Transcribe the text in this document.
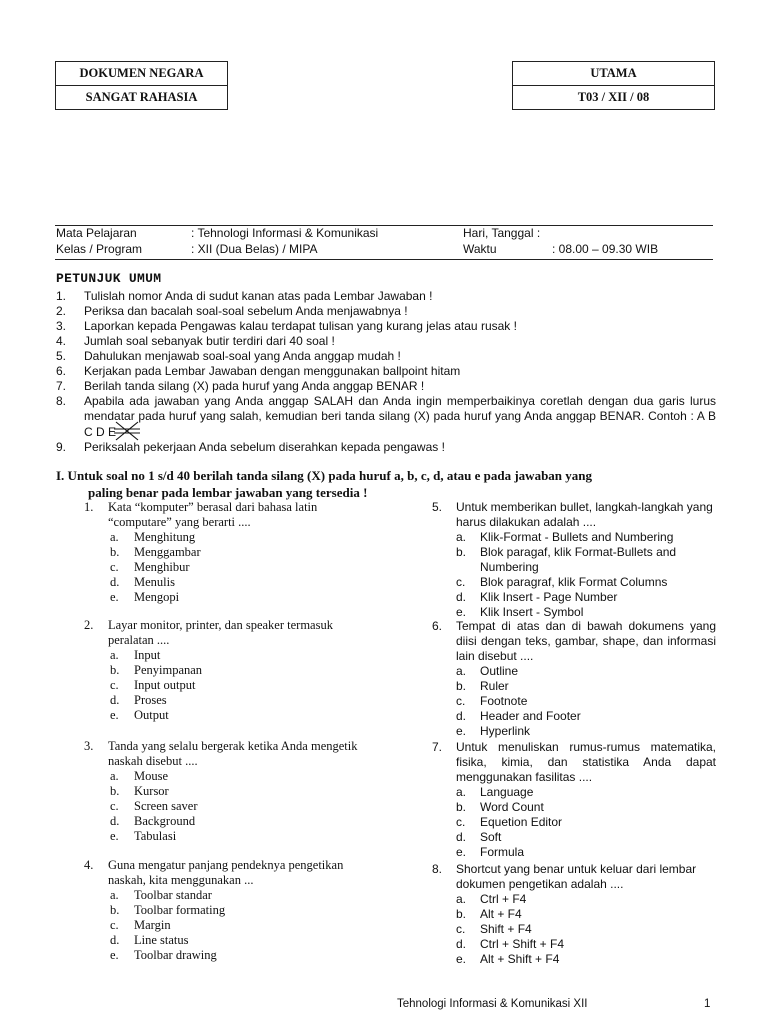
DOKUMEN NEGARA
SANGAT RAHASIA
UTAMA
T03 / XII / 08
Mata Pelajaran	: Tehnologi Informasi & Komunikasi	Hari, Tanggal :
Kelas / Program	: XII (Dua Belas) / MIPA	Waktu	: 08.00 – 09.30 WIB
PETUNJUK UMUM
1.	Tulislah nomor Anda di sudut kanan atas pada Lembar Jawaban !
2.	Periksa dan bacalah soal-soal sebelum Anda menjawabnya !
3.	Laporkan kepada Pengawas kalau terdapat tulisan yang kurang jelas atau rusak !
4.	Jumlah soal sebanyak butir terdiri dari 40 soal !
5.	Dahulukan menjawab soal-soal yang Anda anggap mudah !
6.	Kerjakan pada Lembar Jawaban dengan menggunakan ballpoint hitam
7.	Berilah tanda silang (X) pada huruf yang Anda anggap BENAR !
8.	Apabila ada jawaban yang Anda anggap SALAH dan Anda ingin memperbaikinya coretlah dengan dua garis lurus mendatar pada huruf yang salah, kemudian beri tanda silang (X) pada huruf yang Anda anggap BENAR. Contoh : A B C D E
9.	Periksalah pekerjaan Anda sebelum diserahkan kepada pengawas !
I. Untuk soal no 1 s/d 40 berilah tanda silang (X) pada huruf a, b, c, d, atau e pada jawaban yang
paling benar pada lembar jawaban yang tersedia !
1.	Kata “komputer” berasal dari bahasa latin “computare” yang berarti ....
a.	Menghitung
b.	Menggambar
c.	Menghibur
d.	Menulis
e.	Mengopi
2.	Layar monitor, printer, dan speaker termasuk peralatan ....
a.	Input
b.	Penyimpanan
c.	Input output
d.	Proses
e.	Output
3.	Tanda yang selalu bergerak ketika Anda mengetik naskah disebut ....
a.	Mouse
b.	Kursor
c.	Screen saver
d.	Background
e.	Tabulasi
4.	Guna mengatur panjang pendeknya pengetikan naskah, kita menggunakan ...
a.	Toolbar standar
b.	Toolbar formating
c.	Margin
d.	Line status
e.	Toolbar drawing
5.	Untuk memberikan bullet, langkah-langkah yang harus dilakukan adalah ....
a.	Klik-Format - Bullets and Numbering
b.	Blok paragaf, klik Format-Bullets and Numbering
c.	Blok paragraf, klik Format Columns
d.	Klik Insert - Page Number
e.	Klik Insert - Symbol
6.	Tempat di atas dan di bawah dokumens yang diisi dengan teks, gambar, shape, dan informasi lain disebut ....
a.	Outline
b.	Ruler
c.	Footnote
d.	Header and Footer
e.	Hyperlink
7.	Untuk menuliskan rumus-rumus matematika, fisika, kimia, dan statistika Anda dapat menggunakan fasilitas ....
a.	Language
b.	Word Count
c.	Equetion Editor
d.	Soft
e.	Formula
8.	Shortcut yang benar untuk keluar dari lembar dokumen pengetikan adalah ....
a.	Ctrl + F4
b.	Alt + F4
c.	Shift + F4
d.	Ctrl + Shift + F4
e.	Alt + Shift + F4
Tehnologi Informasi & Komunikasi XII	1
